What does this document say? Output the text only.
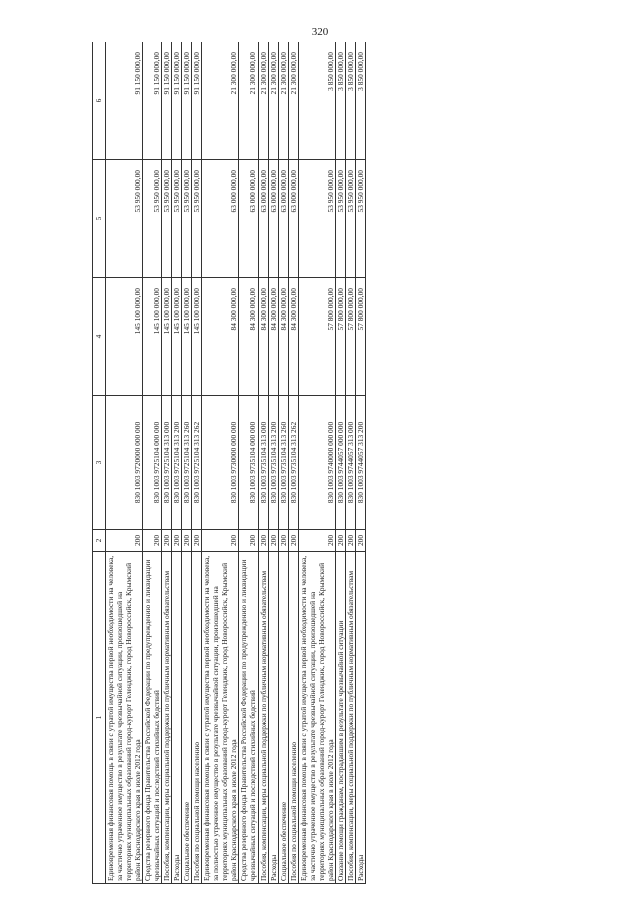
320
1	2	3	4	5	6
Единовременная финансовая помощь в связи с утратой имущества первой необходимости на человека, за частично утраченное имущество в результате чрезвычайной ситуации, произошедшей на территориях муниципальных образований город-курорт Геленджик, город Новороссийск, Крымский район Краснодарского края в июле 2012 года	200	830 1003 9720000 000 000	145 100 000,00	53 950 000,00	91 150 000,00
Средства резервного фонда Правительства Российской Федерации по предупреждению и ликвидации чрезвычайных ситуаций и последствий стихийных бедствий	200	830 1003 9725104 000 000	145 100 000,00	53 950 000,00	91 150 000,00
Пособия, компенсации, меры социальной поддержки по публичным нормативным обязательствам	200	830 1003 9725104 313 000	145 100 000,00	53 950 000,00	91 150 000,00
Расходы	200	830 1003 9725104 313 200	145 100 000,00	53 950 000,00	91 150 000,00
Социальное обеспечение	200	830 1003 9725104 313 260	145 100 000,00	53 950 000,00	91 150 000,00
Пособия по социальной помощи населению	200	830 1003 9725104 313 262	145 100 000,00	53 950 000,00	91 150 000,00
Единовременная финансовая помощь в связи с утратой имущества первой необходимости на человека, за полностью утраченное имущество в результате чрезвычайной ситуации, произошедшей на территориях муниципальных образований город-курорт Геленджик, город Новороссийск, Крымский район Краснодарского края в июле 2012 года	200	830 1003 9730000 000 000	84 300 000,00	63 000 000,00	21 300 000,00
Средства резервного фонда Правительства Российской Федерации по предупреждению и ликвидации чрезвычайных ситуаций и последствий стихийных бедствий	200	830 1003 9735104 000 000	84 300 000,00	63 000 000,00	21 300 000,00
Пособия, компенсации, меры социальной поддержки по публичным нормативным обязательствам	200	830 1003 9735104 313 000	84 300 000,00	63 000 000,00	21 300 000,00
Расходы	200	830 1003 9735104 313 200	84 300 000,00	63 000 000,00	21 300 000,00
Социальное обеспечение	200	830 1003 9735104 313 260	84 300 000,00	63 000 000,00	21 300 000,00
Пособия по социальной помощи населению	200	830 1003 9735104 313 262	84 300 000,00	63 000 000,00	21 300 000,00
Единовременная финансовая помощь в связи с утратой имущества первой необходимости на человека, за частично утраченное имущество в результате чрезвычайной ситуации, произошедшей на территориях муниципальных образований город-курорт Геленджик, город Новороссийск, Крымский район Краснодарского края в июле 2012 года	200	830 1003 9740000 000 000	57 800 000,00	53 950 000,00	3 850 000,00
Оказание помощи гражданам, пострадавшим в результате чрезвычайной ситуации	200	830 1003 9744057 000 000	57 800 000,00	53 950 000,00	3 850 000,00
Пособия, компенсации, меры социальной поддержки по публичным нормативным обязательствам	200	830 1003 9744057 313 000	57 800 000,00	53 950 000,00	3 850 000,00
Расходы	200	830 1003 9744057 313 200	57 800 000,00	53 950 000,00	3 850 000,00
